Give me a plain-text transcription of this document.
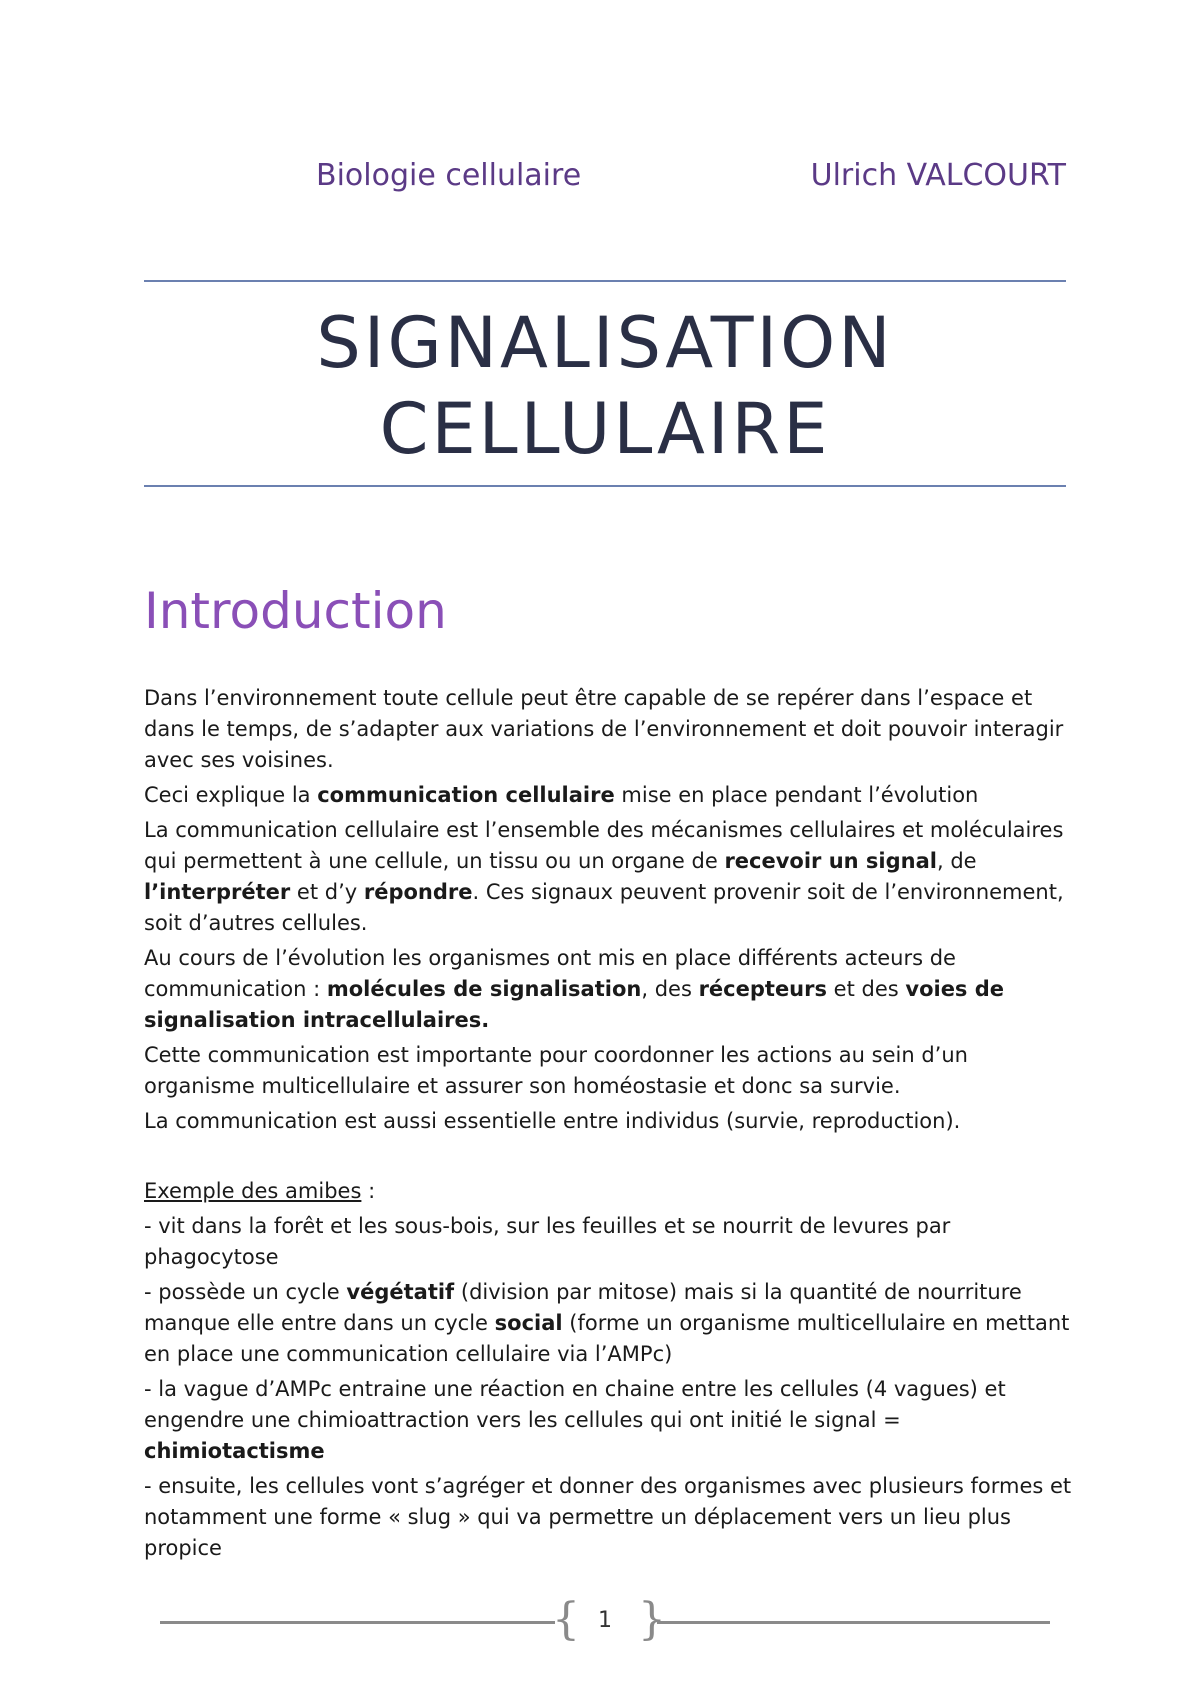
Biologie cellulaire	Ulrich VALCOURT
SIGNALISATION
CELLULAIRE
Introduction

Dans l’environnement toute cellule peut être capable de se repérer dans l’espace et dans le temps, de s’adapter aux variations de l’environnement et doit pouvoir interagir avec ses voisines.

Ceci explique la communication cellulaire mise en place pendant l’évolution

La communication cellulaire est l’ensemble des mécanismes cellulaires et moléculaires qui permettent à une cellule, un tissu ou un organe de recevoir un signal, de l’interpréter et d’y répondre. Ces signaux peuvent provenir soit de l’environnement, soit d’autres cellules.

Au cours de l’évolution les organismes ont mis en place différents acteurs de communication : molécules de signalisation, des récepteurs et des voies de signalisation intracellulaires.

Cette communication est importante pour coordonner les actions au sein d’un organisme multicellulaire et assurer son homéostasie et donc sa survie.

La communication est aussi essentielle entre individus (survie, reproduction).

Exemple des amibes :

- vit dans la forêt et les sous-bois, sur les feuilles et se nourrit de levures par phagocytose

- possède un cycle végétatif (division par mitose) mais si la quantité de nourriture manque elle entre dans un cycle social (forme un organisme multicellulaire en mettant en place une communication cellulaire via l’AMPc)

- la vague d’AMPc entraine une réaction en chaine entre les cellules (4 vagues) et engendre une chimioattraction vers les cellules qui ont initié le signal = chimiotactisme

- ensuite, les cellules vont s’agréger et donner des organismes avec plusieurs formes et notamment une forme « slug » qui va permettre un déplacement vers un lieu plus propice

{ 1 }
